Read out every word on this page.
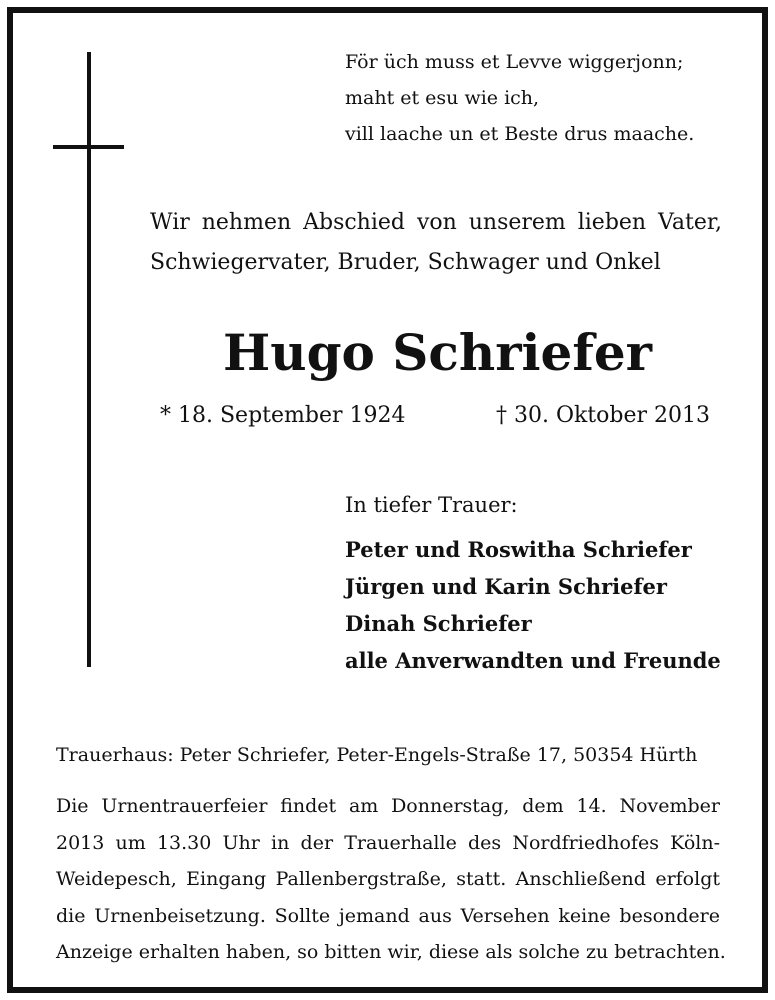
För üch muss et Levve wiggerjonn;
maht et esu wie ich,
vill laache un et Beste drus maache.
Wir nehmen Abschied von unserem lieben Vater,
Schwiegervater, Bruder, Schwager und Onkel
Hugo Schriefer
* 18. September 1924	† 30. Oktober 2013
In tiefer Trauer:
Peter und Roswitha Schriefer
Jürgen und Karin Schriefer
Dinah Schriefer
alle Anverwandten und Freunde
Trauerhaus: Peter Schriefer, Peter-Engels-Straße 17, 50354 Hürth
Die Urnentrauerfeier findet am Donnerstag, dem 14. November
2013 um 13.30 Uhr in der Trauerhalle des Nordfriedhofes Köln-
Weidepesch, Eingang Pallenbergstraße, statt. Anschließend erfolgt
die Urnenbeisetzung. Sollte jemand aus Versehen keine besondere
Anzeige erhalten haben, so bitten wir, diese als solche zu betrachten.
